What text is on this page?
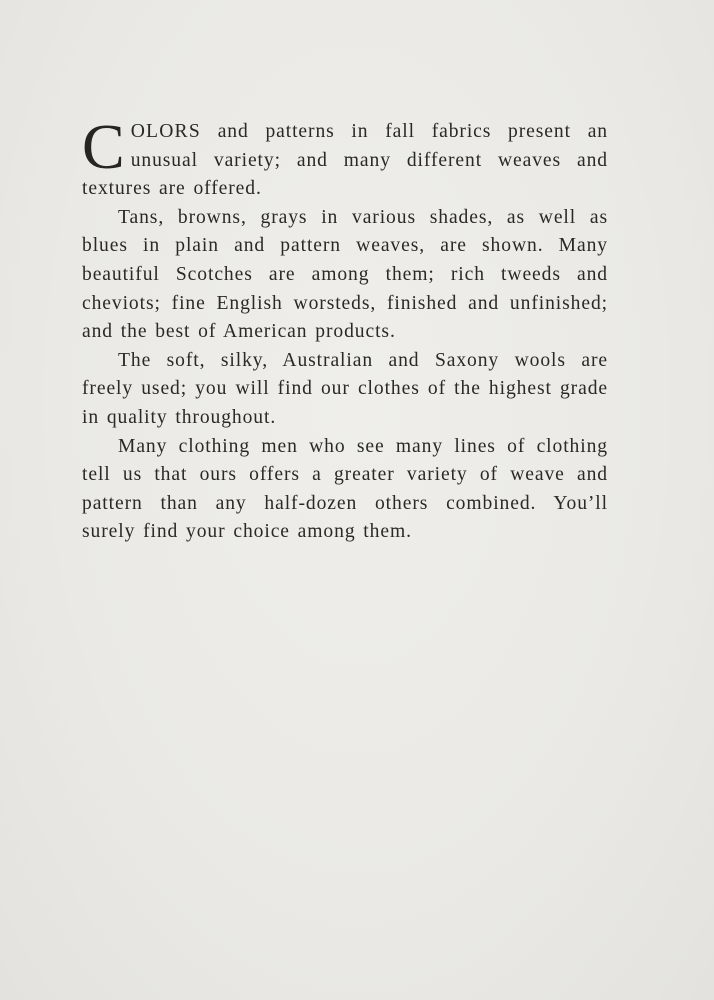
COLORS and patterns in fall fabrics present an unusual variety; and many different weaves and textures are offered.

Tans, browns, grays in various shades, as well as blues in plain and pattern weaves, are shown. Many beautiful Scotches are among them; rich tweeds and cheviots; fine English worsteds, finished and unfinished; and the best of American products.

The soft, silky, Australian and Saxony wools are freely used; you will find our clothes of the highest grade in quality throughout.

Many clothing men who see many lines of clothing tell us that ours offers a greater variety of weave and pattern than any half-dozen others combined. You’ll surely find your choice among them.
